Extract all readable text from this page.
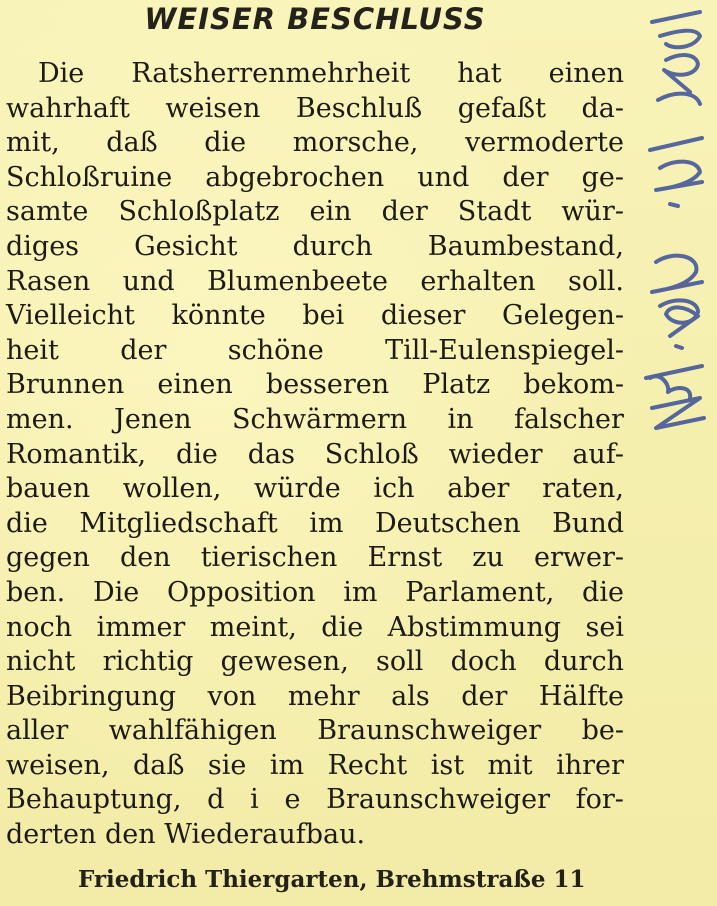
WEISER BESCHLUSS
Die Ratsherrenmehrheit hat einen
wahrhaft weisen Beschluß gefaßt da-
mit, daß die morsche, vermoderte
Schloßruine abgebrochen und der ge-
samte Schloßplatz ein der Stadt wür-
diges Gesicht durch Baumbestand,
Rasen und Blumenbeete erhalten soll.
Vielleicht könnte bei dieser Gelegen-
heit der schöne Till-Eulenspiegel-
Brunnen einen besseren Platz bekom-
men. Jenen Schwärmern in falscher
Romantik, die das Schloß wieder auf-
bauen wollen, würde ich aber raten,
die Mitgliedschaft im Deutschen Bund
gegen den tierischen Ernst zu erwer-
ben. Die Opposition im Parlament, die
noch immer meint, die Abstimmung sei
nicht richtig gewesen, soll doch durch
Beibringung von mehr als der Hälfte
aller wahlfähigen Braunschweiger be-
weisen, daß sie im Recht ist mit ihrer
Behauptung, d i e Braunschweiger for-
derten
den
Wiederaufbau.
Friedrich Thiergarten, Brehmstraße 11
